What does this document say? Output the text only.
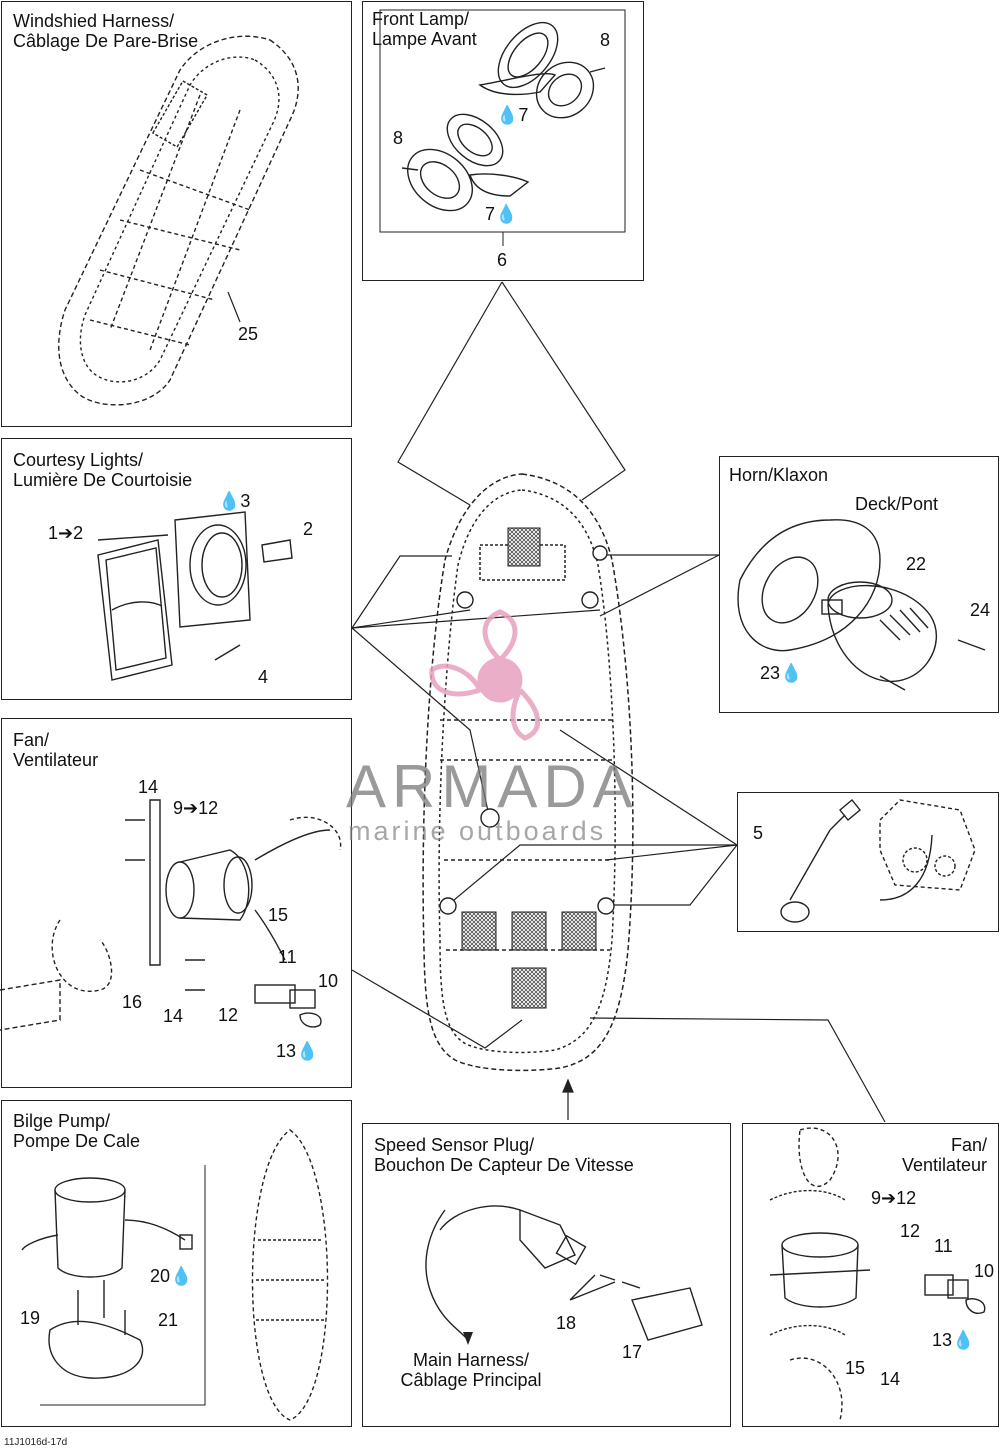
Windshied Harness/
Câblage De Pare-Brise
Front Lamp/
Lampe Avant
Courtesy Lights/
Lumière De Courtoisie	Horn/Klaxon
Deck/Pont
Fan/
Ventilateur
Bilge Pump/
Pompe De Cale	Speed Sensor Plug/
Bouchon De Capteur De Vitesse
Main Harness/
Câblage Principal
Fan/
Ventilateur
ARMADA
marine outboards
25
8
💧7
8
7💧
6
1➔2
💧3
2
4
22
24
23💧
14
9➔12
15
11
10
16
14 12
13💧
5
20💧
19	21	18
17
9➔12
12
11
10
13💧
15
14
11J1016d-17d
